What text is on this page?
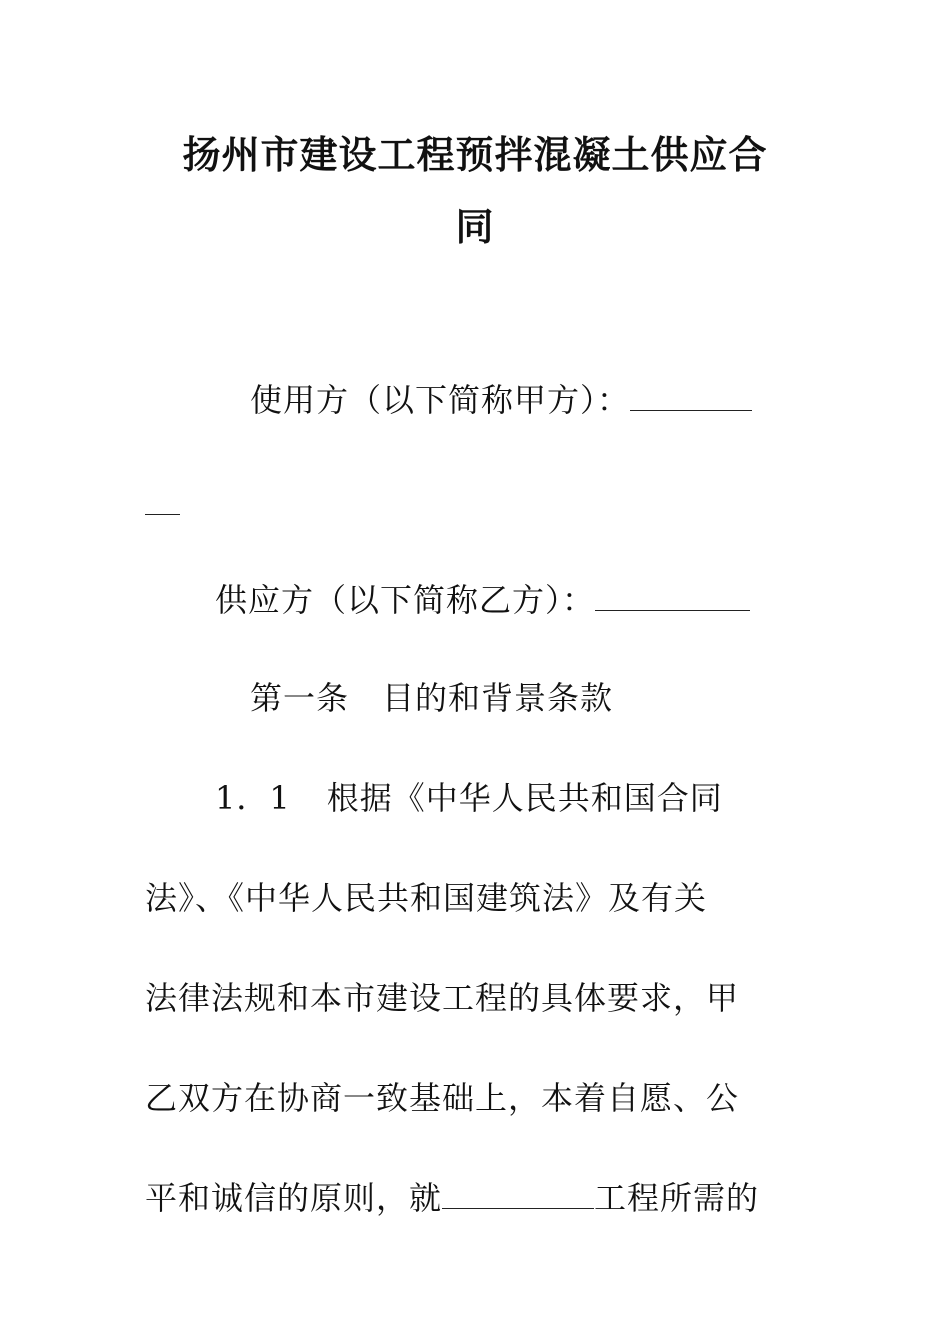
扬州市建设工程预拌混凝土供应合
同
使用方（以下简称甲方）：
供应方（以下简称乙方）：
第一条　目的和背景条款
1．1 根据《中华人民共和国合同
法》、《中华人民共和国建筑法》及有关
法律法规和本市建设工程的具体要求，甲
乙双方在协商一致基础上，本着自愿、公
平和诚信的原则，就	工程所需的
